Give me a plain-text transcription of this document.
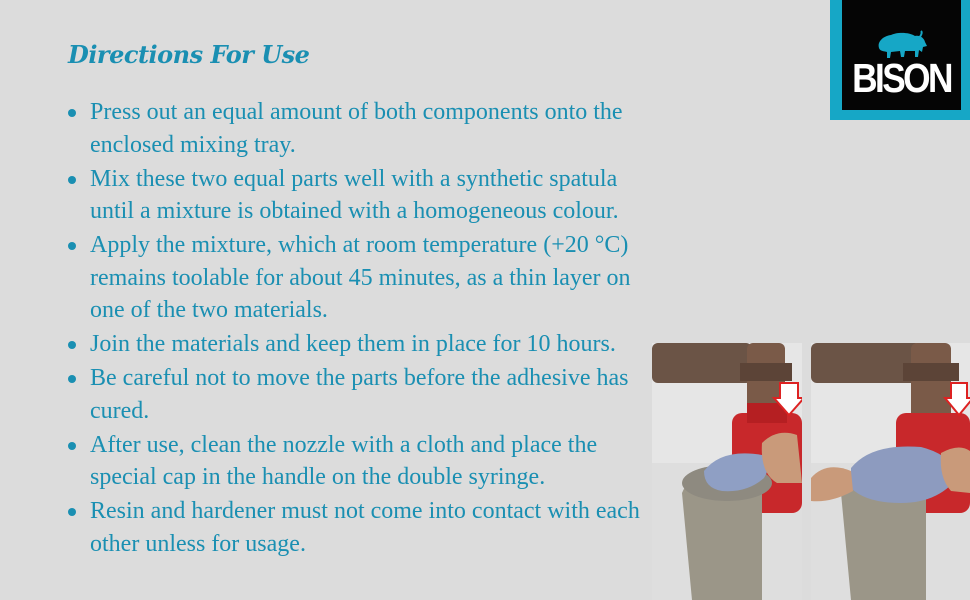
Directions For Use
Press out an equal amount of both components onto the enclosed mixing tray.
Mix these two equal parts well with a synthetic spatula until a mixture is obtained with a homogeneous colour.
Apply the mixture, which at room temperature (+20 °C) remains toolable for about 45 minutes, as a thin layer on one of the two materials.
Join the materials and keep them in place for 10 hours.
Be careful not to move the parts before the adhesive has cured.
After use, clean the nozzle with a cloth and place the special cap in the handle on the double syringe.
Resin and hardener must not come into contact with each other unless for usage.
BISON
